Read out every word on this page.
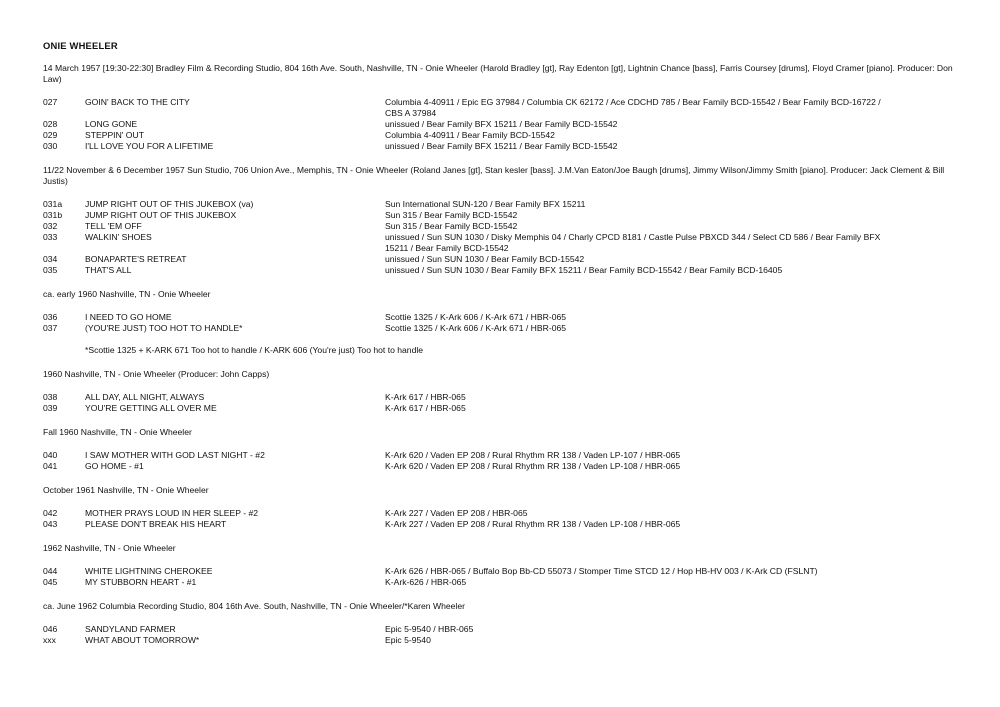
ONIE WHEELER
14 March 1957 [19:30-22:30] Bradley Film & Recording Studio, 804 16th Ave. South, Nashville, TN - Onie Wheeler (Harold Bradley [gt], Ray Edenton [gt], Lightnin Chance [bass], Farris Coursey [drums], Floyd Cramer [piano]. Producer: Don Law)
027	GOIN' BACK TO THE CITY	Columbia 4-40911 / Epic EG 37984 / Columbia CK 62172 / Ace CDCHD 785 / Bear Family BCD-15542 / Bear Family BCD-16722 / CBS A 37984
028	LONG GONE	unissued / Bear Family BFX 15211 / Bear Family BCD-15542
029	STEPPIN' OUT	Columbia 4-40911 / Bear Family BCD-15542
030	I'LL LOVE YOU FOR A LIFETIME	unissued / Bear Family BFX 15211 / Bear Family BCD-15542
11/22 November & 6 December 1957 Sun Studio, 706 Union Ave., Memphis, TN - Onie Wheeler (Roland Janes [gt], Stan kesler [bass]. J.M.Van Eaton/Joe Baugh [drums], Jimmy Wilson/Jimmy Smith [piano]. Producer: Jack Clement & Bill Justis)
031a	JUMP RIGHT OUT OF THIS JUKEBOX (va)	Sun International SUN-120 / Bear Family BFX 15211
031b	JUMP RIGHT OUT OF THIS JUKEBOX	Sun 315 / Bear Family BCD-15542
032	TELL 'EM OFF	Sun 315 / Bear Family BCD-15542
033	WALKIN' SHOES	unissued / Sun SUN 1030 / Disky Memphis 04 / Charly CPCD 8181 / Castle Pulse PBXCD 344 / Select CD 586 / Bear Family BFX 15211 / Bear Family BCD-15542
034	BONAPARTE'S RETREAT	unissued / Sun SUN 1030 / Bear Family BCD-15542
035	THAT'S ALL	unissued / Sun SUN 1030 / Bear Family BFX 15211 / Bear Family BCD-15542 / Bear Family BCD-16405
ca. early 1960 Nashville, TN - Onie Wheeler
036	I NEED TO GO HOME	Scottie 1325 / K-Ark 606 / K-Ark 671 / HBR-065
037	(YOU'RE JUST) TOO HOT TO HANDLE*	Scottie 1325 / K-Ark 606 / K-Ark 671 / HBR-065
*Scottie 1325 + K-ARK 671 Too hot to handle / K-ARK 606 (You're just) Too hot to handle
1960 Nashville, TN - Onie Wheeler (Producer: John Capps)
038	ALL DAY, ALL NIGHT, ALWAYS	K-Ark 617 / HBR-065
039	YOU'RE GETTING ALL OVER ME	K-Ark 617 / HBR-065
Fall 1960 Nashville, TN - Onie Wheeler
040	I SAW MOTHER WITH GOD LAST NIGHT - #2	K-Ark 620 / Vaden EP 208 / Rural Rhythm RR 138 / Vaden LP-107 / HBR-065
041	GO HOME - #1	K-Ark 620 / Vaden EP 208 / Rural Rhythm RR 138 / Vaden LP-108 / HBR-065
October 1961 Nashville, TN - Onie Wheeler
042	MOTHER PRAYS LOUD IN HER SLEEP - #2	K-Ark 227 / Vaden EP 208 / HBR-065
043	PLEASE DON'T BREAK HIS HEART	K-Ark 227 / Vaden EP 208 / Rural Rhythm RR 138 / Vaden LP-108 / HBR-065
1962 Nashville, TN - Onie Wheeler
044	WHITE LIGHTNING CHEROKEE	K-Ark 626 / HBR-065 / Buffalo Bop Bb-CD 55073 / Stomper Time STCD 12 / Hop HB-HV 003 / K-Ark CD (FSLNT)
045	MY STUBBORN HEART - #1	K-Ark-626 / HBR-065
ca. June 1962 Columbia Recording Studio, 804 16th Ave. South, Nashville, TN - Onie Wheeler/*Karen Wheeler
046	SANDYLAND FARMER	Epic 5-9540 / HBR-065
xxx	WHAT ABOUT TOMORROW*	Epic 5-9540
